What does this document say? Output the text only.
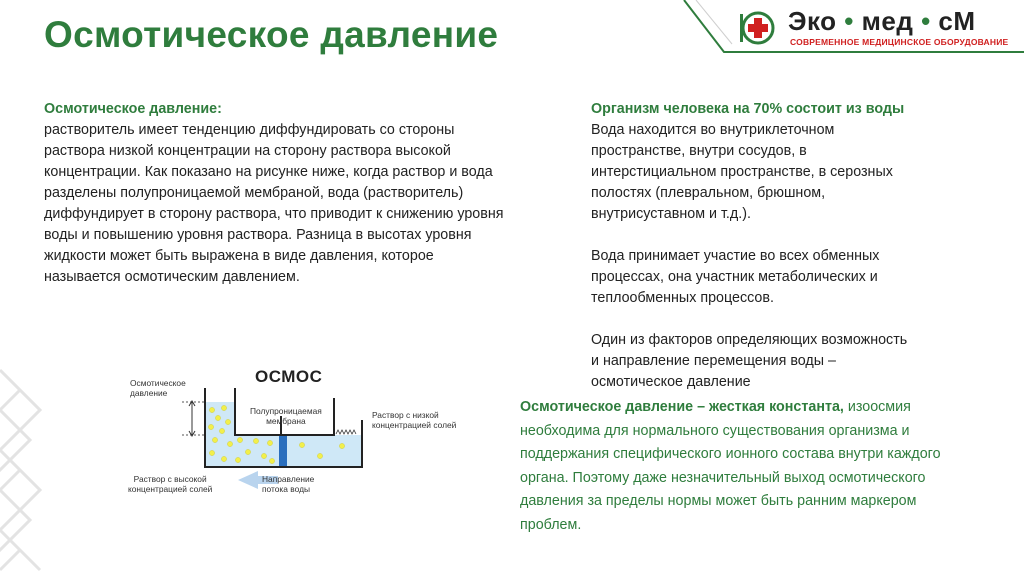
Осмотическое давление	Эко • мед • сМ
СОВРЕМЕННОЕ МЕДИЦИНСКОЕ ОБОРУДОВАНИЕ
Осмотическое давление:
растворитель имеет тенденцию диффундировать со стороны
раствора низкой концентрации на сторону раствора высокой
концентрации. Как показано на рисунке ниже, когда раствор и вода
разделены полупроницаемой мембраной, вода (растворитель)
диффундирует в сторону раствора, что приводит к снижению уровня
воды и повышению уровня раствора. Разница в высотах уровня
жидкости может быть выражена в виде давления, которое
называется осмотическим давлением.

Организм человека на 70% состоит из воды
Вода находится во внутриклеточном
пространстве, внутри сосудов, в
интерстициальном пространстве, в серозных
полостях (плевральном, брюшном,
внутрисуставном и т.д.).

Вода принимает участие во всех обменных
процессах, она участник метаболических и
теплообменных процессов.

Один из факторов определяющих возможность
и направление перемещения воды –
осмотическое давление

Осмотическое давление – жесткая константа, изоосмия
необходима для нормального существования организма и
поддержания специфического ионного состава внутри каждого
органа. Поэтому даже незначительный выход осмотического
давления за пределы нормы может быть ранним маркером
проблем.
ОСМОС
Осмотическое
давление
Полупроницаемая
мембрана
Раствор с низкой
концентрацией солей
Раствор с высокой
концентрацией солей
Направление
потока воды
